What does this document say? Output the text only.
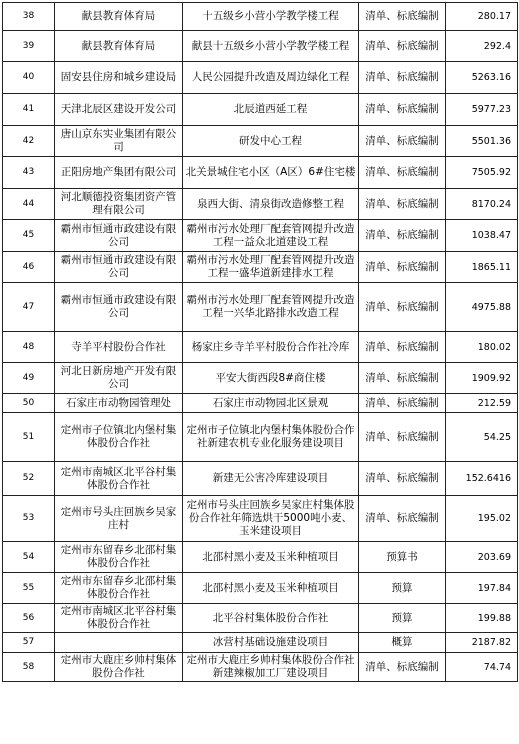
38	献县教育体育局	十五级乡小营小学教学楼工程	清单、标底编制	280.17
39	献县教育体育局	献县十五级乡小营小学教学楼工程	清单、标底编制	292.4
40	固安县住房和城乡建设局	人民公园提升改造及周边绿化工程	清单、标底编制	5263.16
41	天津北辰区建设开发公司	北辰道西延工程	清单、标底编制	5977.23
42	唐山京东实业集团有限公司	研发中心工程	清单、标底编制	5501.36
43	正阳房地产集团有限公司	北关景城住宅小区（A区）6#住宅楼	清单、标底编制	7505.92
44	河北顺德投资集团资产管理有限公司	泉西大街、清泉街改造修整工程	清单、标底编制	8170.24
45	霸州市恒通市政建设有限公司	霸州市污水处理厂配套管网提升改造工程一益众北道建设工程	清单、标底编制	1038.47
46	霸州市恒通市政建设有限公司	霸州市污水处理厂配套管网提升改造工程一盛华道新建排水工程	清单、标底编制	1865.11
47	霸州市恒通市政建设有限公司	霸州市污水处理厂配套管网提升改造工程一兴华北路排水改造工程	清单、标底编制	4975.88
48	寺羊平村股份合作社	杨家庄乡寺羊平村股份合作社冷库	清单、标底编制	180.02
49	河北日新房地产开发有限公司	平安大街西段8#商住楼	清单、标底编制	1909.92
50	石家庄市动物园管理处	石家庄市动物园北区景观	清单、标底编制	212.59
51	定州市子位镇北内堡村集体股份合作社	定州市子位镇北内堡村集体股份合作社新建农机专业化服务建设项目	清单、标底编制	54.25
52	定州市南城区北平谷村集体股份合作社	新建无公害冷库建设项目	清单、标底编制	152.6416
53	定州市号头庄回族乡吴家庄村	定州市号头庄回族乡吴家庄村集体股份合作社年筛选烘干5000吨小麦、玉米建设项目	清单、标底编制	195.02
54	定州市东留春乡北邵村集体股份合作社	北邵村黑小麦及玉米种植项目	预算书	203.69
55	定州市东留春乡北邵村集体股份合作社	北邵村黑小麦及玉米种植项目	预算	197.84
56	定州市南城区北平谷村集体股份合作社	北平谷村集体股份合作社	预算	199.88
57		冰营村基础设施建设项目	概算	2187.82
58	定州市大鹿庄乡帅村集体股份合作社	定州市大鹿庄乡帅村集体股份合作社新建辣椒加工厂建设项目	清单、标底编制	74.74
